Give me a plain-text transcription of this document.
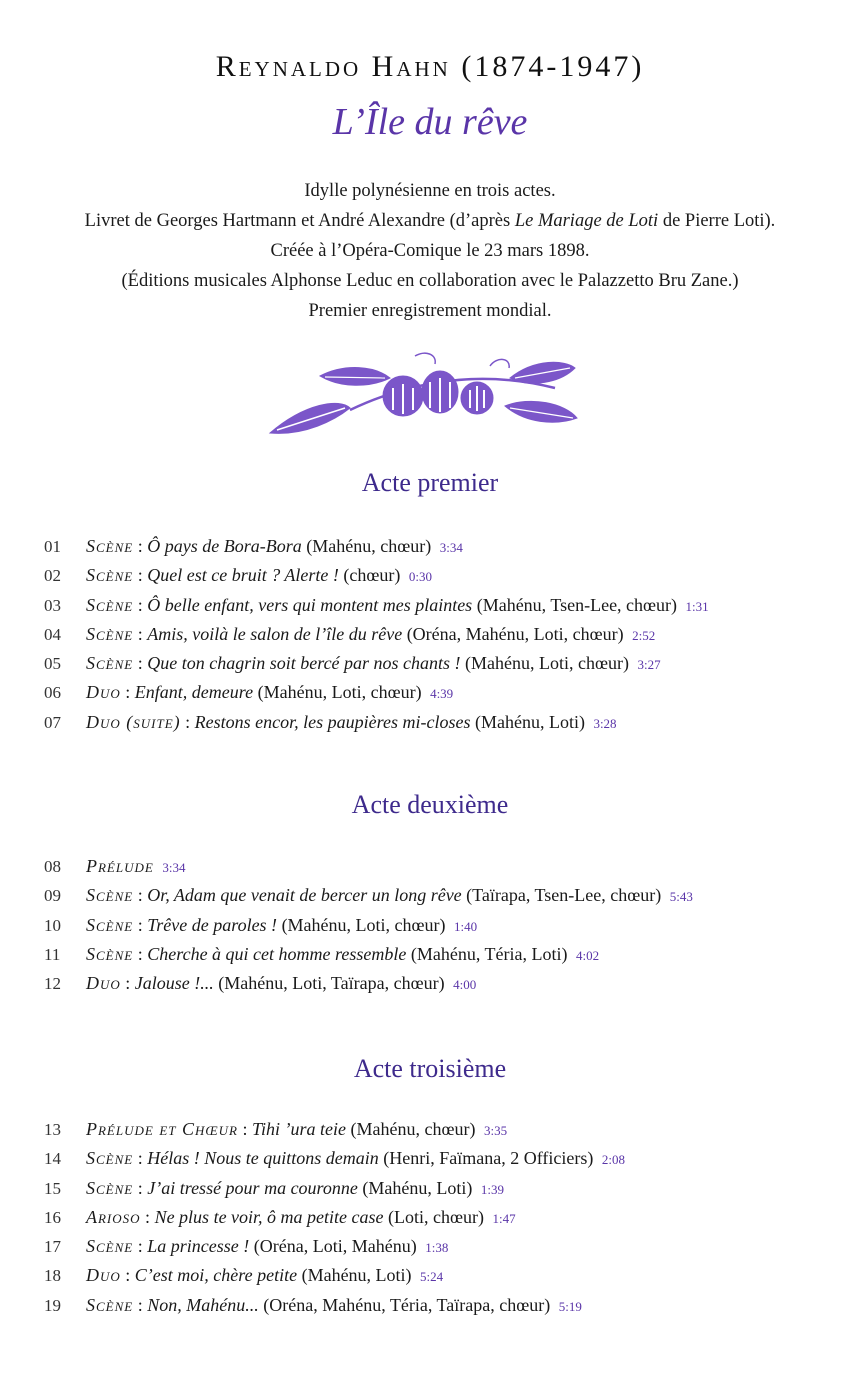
Reynaldo Hahn (1874-1947)
L’Île du rêve
Idylle polynésienne en trois actes.
Livret de Georges Hartmann et André Alexandre (d’après Le Mariage de Loti de Pierre Loti).
Créée à l’Opéra-Comique le 23 mars 1898.
(Éditions musicales Alphonse Leduc en collaboration avec le Palazzetto Bru Zane.)
Premier enregistrement mondial.
Acte premier
01 Scène : Ô pays de Bora-Bora (Mahénu, chœur) 3:34
02 Scène : Quel est ce bruit ? Alerte ! (chœur) 0:30
03 Scène : Ô belle enfant, vers qui montent mes plaintes (Mahénu, Tsen-Lee, chœur) 1:31
04 Scène : Amis, voilà le salon de l’île du rêve (Oréna, Mahénu, Loti, chœur) 2:52
05 Scène : Que ton chagrin soit bercé par nos chants ! (Mahénu, Loti, chœur) 3:27
06 Duo : Enfant, demeure (Mahénu, Loti, chœur) 4:39
07 Duo (suite) : Restons encor, les paupières mi-closes (Mahénu, Loti) 3:28
Acte deuxième
08 Prélude 3:34
09 Scène : Or, Adam que venait de bercer un long rêve (Taïrapa, Tsen-Lee, chœur) 5:43
10 Scène : Trêve de paroles ! (Mahénu, Loti, chœur) 1:40
11 Scène : Cherche à qui cet homme ressemble (Mahénu, Téria, Loti) 4:02
12 Duo : Jalouse !... (Mahénu, Loti, Taïrapa, chœur) 4:00
Acte troisième
13 Prélude et Chœur : Tihi ’ura teie (Mahénu, chœur) 3:35
14 Scène : Hélas ! Nous te quittons demain (Henri, Faïmana, 2 Officiers) 2:08
15 Scène : J’ai tressé pour ma couronne (Mahénu, Loti) 1:39
16 Arioso : Ne plus te voir, ô ma petite case (Loti, chœur) 1:47
17 Scène : La princesse ! (Oréna, Loti, Mahénu) 1:38
18 Duo : C’est moi, chère petite (Mahénu, Loti) 5:24
19 Scène : Non, Mahénu... (Oréna, Mahénu, Téria, Taïrapa, chœur) 5:19
